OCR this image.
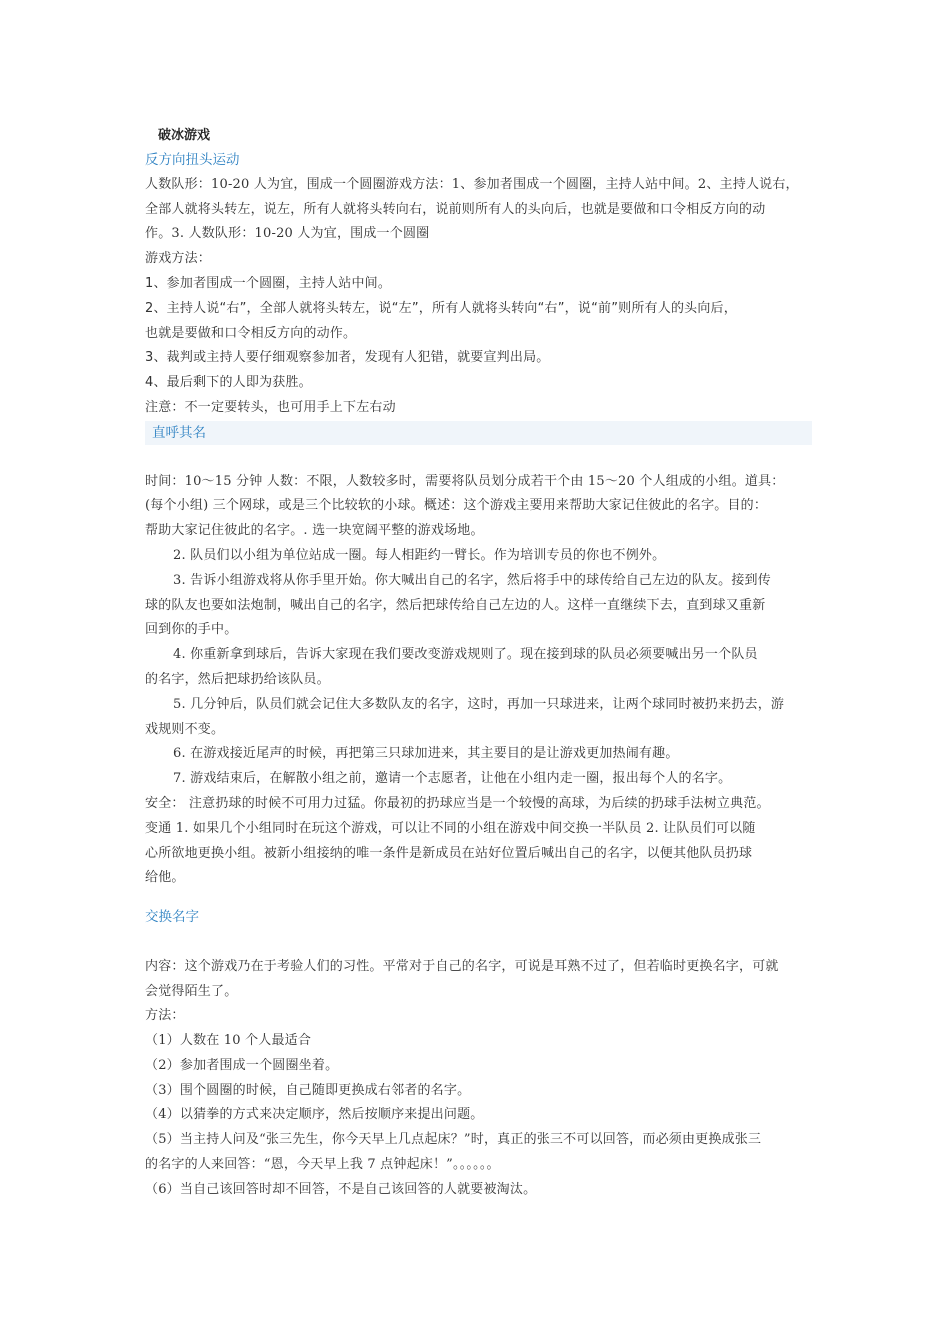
破冰游戏
反方向扭头运动
人数队形：10-20 人为宜，围成一个圆圈游戏方法：1、参加者围成一个圆圈，主持人站中间。2、主持人说右，
全部人就将头转左，说左，所有人就将头转向右，说前则所有人的头向后，也就是要做和口令相反方向的动
作。3. 人数队形：10-20 人为宜，围成一个圆圈
游戏方法：
1、参加者围成一个圆圈，主持人站中间。
2、主持人说“右”，全部人就将头转左，说“左”，所有人就将头转向“右”，说“前”则所有人的头向后，
也就是要做和口令相反方向的动作。
3、裁判或主持人要仔细观察参加者，发现有人犯错，就要宣判出局。
4、最后剩下的人即为获胜。
注意：不一定要转头，也可用手上下左右动
直呼其名
时间：10～15 分钟 人数：不限，人数较多时，需要将队员划分成若干个由 15～20 个人组成的小组。道具：
(每个小组) 三个网球，或是三个比较软的小球。概述：这个游戏主要用来帮助大家记住彼此的名字。目的：
帮助大家记住彼此的名字。. 选一块宽阔平整的游戏场地。
2. 队员们以小组为单位站成一圈。每人相距约一臂长。作为培训专员的你也不例外。
3. 告诉小组游戏将从你手里开始。你大喊出自己的名字，然后将手中的球传给自己左边的队友。接到传
球的队友也要如法炮制，喊出自己的名字，然后把球传给自己左边的人。这样一直继续下去，直到球又重新
回到你的手中。
4. 你重新拿到球后，告诉大家现在我们要改变游戏规则了。现在接到球的队员必须要喊出另一个队员
的名字，然后把球扔给该队员。
5. 几分钟后，队员们就会记住大多数队友的名字，这时，再加一只球进来，让两个球同时被扔来扔去，游
戏规则不变。
6. 在游戏接近尾声的时候，再把第三只球加进来，其主要目的是让游戏更加热闹有趣。
7. 游戏结束后，在解散小组之前，邀请一个志愿者，让他在小组内走一圈，报出每个人的名字。
安全： 注意扔球的时候不可用力过猛。你最初的扔球应当是一个较慢的高球，为后续的扔球手法树立典范。
变通 1. 如果几个小组同时在玩这个游戏，可以让不同的小组在游戏中间交换一半队员 2. 让队员们可以随
心所欲地更换小组。被新小组接纳的唯一条件是新成员在站好位置后喊出自己的名字，以便其他队员扔球
给他。
交换名字
内容：这个游戏乃在于考验人们的习性。平常对于自己的名字，可说是耳熟不过了，但若临时更换名字，可就
会觉得陌生了。
方法：
（1）人数在 10 个人最适合
（2）参加者围成一个圆圈坐着。
（3）围个圆圈的时候，自己随即更换成右邻者的名字。
（4）以猜拳的方式来决定顺序，然后按顺序来提出问题。
（5）当主持人问及“张三先生，你今天早上几点起床？”时，真正的张三不可以回答，而必须由更换成张三
的名字的人来回答：“恩，今天早上我 7 点钟起床！”。。。。。。
（6）当自己该回答时却不回答，不是自己该回答的人就要被淘汰。
